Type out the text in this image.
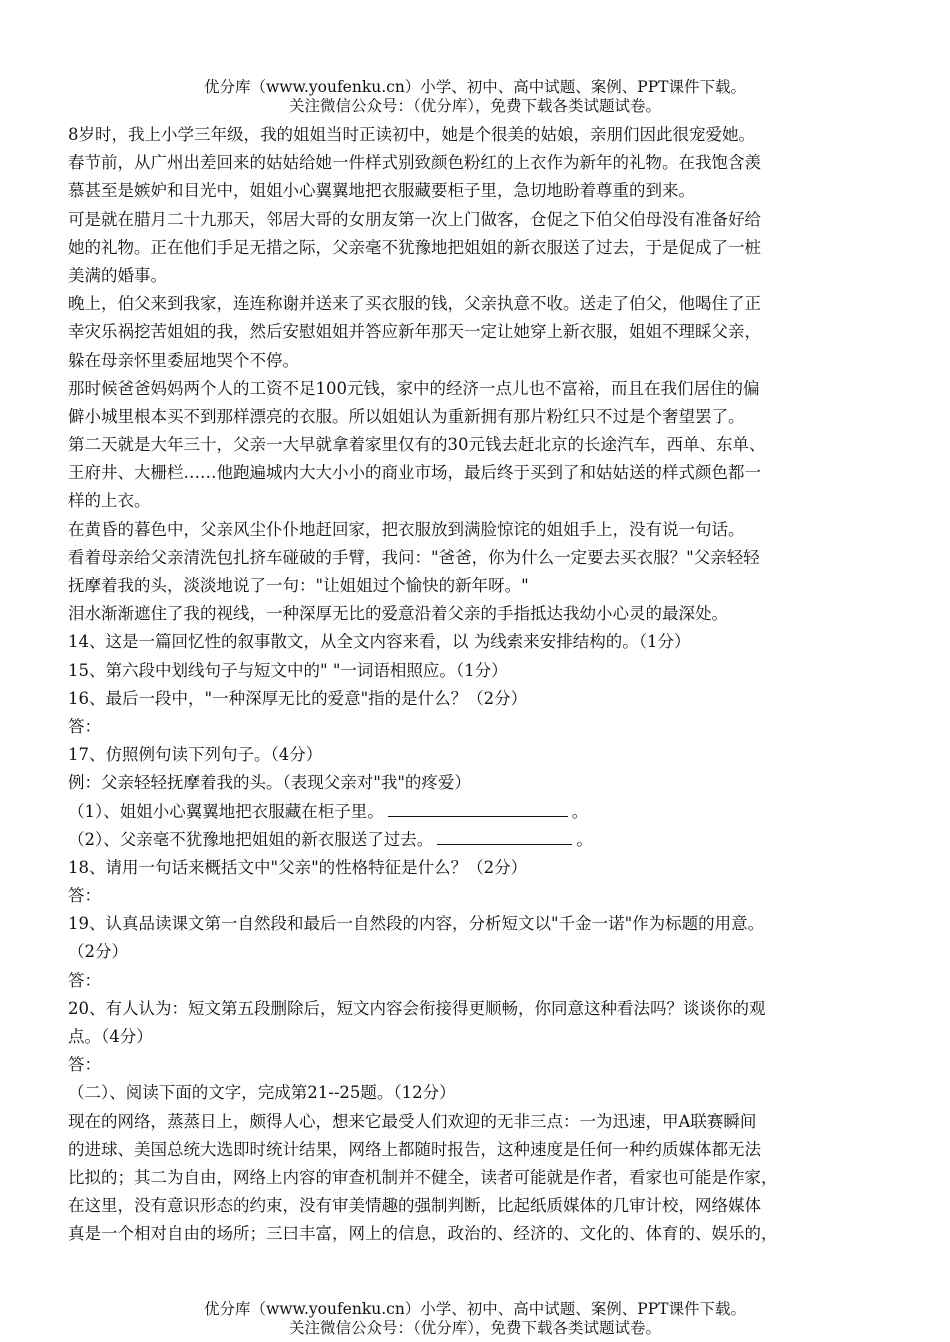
优分库（www.youfenku.cn）小学、初中、高中试题、案例、PPT课件下载。
关注微信公众号：（优分库），免费下载各类试题试卷。
8岁时，我上小学三年级，我的姐姐当时正读初中，她是个很美的姑娘，亲朋们因此很宠爱她。
春节前，从广州出差回来的姑姑给她一件样式别致颜色粉红的上衣作为新年的礼物。在我饱含羡
慕甚至是嫉妒和目光中，姐姐小心翼翼地把衣服藏要柜子里，急切地盼着尊重的到来。
可是就在腊月二十九那天，邻居大哥的女朋友第一次上门做客，仓促之下伯父伯母没有准备好给
她的礼物。正在他们手足无措之际，父亲毫不犹豫地把姐姐的新衣服送了过去，于是促成了一桩
美满的婚事。
晚上，伯父来到我家，连连称谢并送来了买衣服的钱，父亲执意不收。送走了伯父，他喝住了正
幸灾乐祸挖苦姐姐的我，然后安慰姐姐并答应新年那天一定让她穿上新衣服，姐姐不理睬父亲，
躲在母亲怀里委屈地哭个不停。
那时候爸爸妈妈两个人的工资不足100元钱，家中的经济一点儿也不富裕，而且在我们居住的偏
僻小城里根本买不到那样漂亮的衣服。所以姐姐认为重新拥有那片粉红只不过是个奢望罢了。
第二天就是大年三十，父亲一大早就拿着家里仅有的30元钱去赶北京的长途汽车，西单、东单、
王府井、大栅栏……他跑遍城内大大小小的商业市场，最后终于买到了和姑姑送的样式颜色都一
样的上衣。
在黄昏的暮色中，父亲风尘仆仆地赶回家，把衣服放到满脸惊诧的姐姐手上，没有说一句话。
看着母亲给父亲清洗包扎挤车碰破的手臂，我问："爸爸，你为什么一定要去买衣服？"父亲轻轻
抚摩着我的头，淡淡地说了一句："让姐姐过个愉快的新年呀。"
泪水渐渐遮住了我的视线，一种深厚无比的爱意沿着父亲的手指抵达我幼小心灵的最深处。
14、这是一篇回忆性的叙事散文，从全文内容来看，以 为线索来安排结构的。（1分）
15、第六段中划线句子与短文中的" "一词语相照应。（1分）
16、最后一段中，"一种深厚无比的爱意"指的是什么？（2分）
答：
17、仿照例句读下列句子。（4分）
例：父亲轻轻抚摩着我的头。（表现父亲对"我"的疼爱）
（1）、姐姐小心翼翼地把衣服藏在柜子里。	。
（2）、父亲毫不犹豫地把姐姐的新衣服送了过去。	。
18、请用一句话来概括文中"父亲"的性格特征是什么？（2分）
答：
19、认真品读课文第一自然段和最后一自然段的内容，分析短文以"千金一诺"作为标题的用意。
（2分）
答：
20、有人认为：短文第五段删除后，短文内容会衔接得更顺畅，你同意这种看法吗？谈谈你的观
点。（4分）
答：
（二）、阅读下面的文字，完成第21--25题。（12分）
现在的网络，蒸蒸日上，颇得人心，想来它最受人们欢迎的无非三点：一为迅速，甲A联赛瞬间
的进球、美国总统大选即时统计结果，网络上都随时报告，这种速度是任何一种约质媒体都无法
比拟的；其二为自由，网络上内容的审查机制并不健全，读者可能就是作者，看家也可能是作家，
在这里，没有意识形态的约束，没有审美情趣的强制判断，比起纸质媒体的几审计校，网络媒体
真是一个相对自由的场所；三曰丰富，网上的信息，政治的、经济的、文化的、体育的、娱乐的，
优分库（www.youfenku.cn）小学、初中、高中试题、案例、PPT课件下载。
关注微信公众号：（优分库），免费下载各类试题试卷。
